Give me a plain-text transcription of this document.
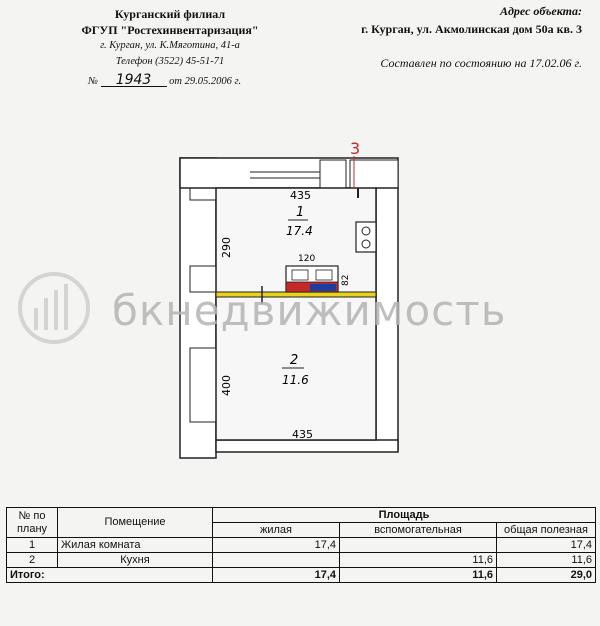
Курганский филиал
ФГУП "Ростехинвентаризация"
г. Курган, ул. К.Мяготина, 41-а
Телефон (3522) 45-51-71
№ 1943 от 29.05.2006 г.
Адрес объекта:
г. Курган, ул. Акмолинская дом 50а кв. 3
Составлен по состоянию на 17.02.06 г.
3
435
290
400
435
120
82
1
17.4
2
11.6
бкнедвижимость
№ по плану	Помещение	Площадь		
		жилая	вспомогательная	общая полезная
1	Жилая комната	17,4		17,4
2	Кухня		11,6	11,6
Итого:		17,4	11,6	29,0
